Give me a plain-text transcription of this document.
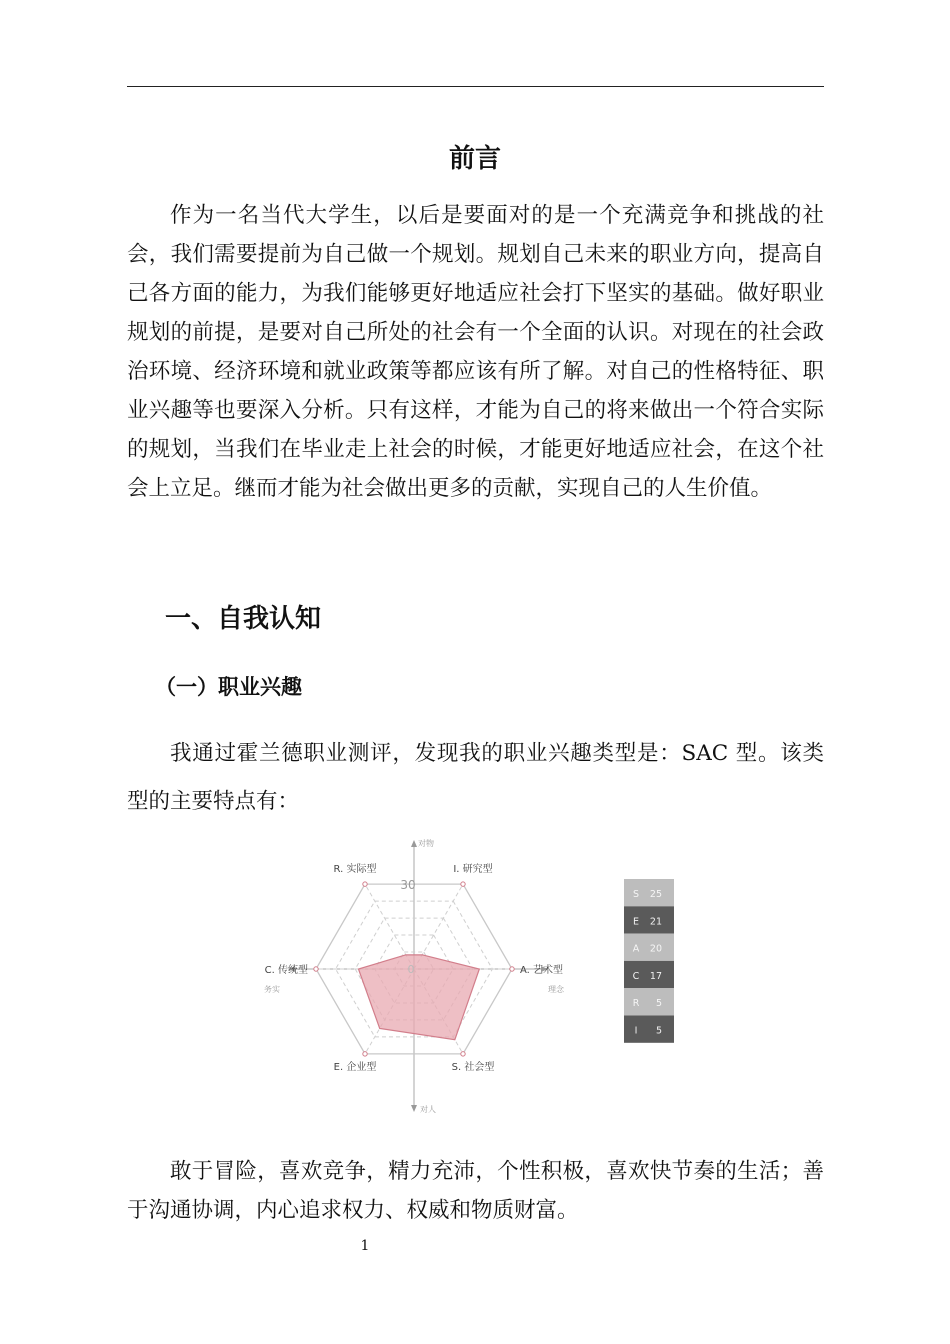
前言

作为一名当代大学生，以后是要面对的是一个充满竞争和挑战的社会，我们需要提前为自己做一个规划。规划自己未来的职业方向，提高自己各方面的能力，为我们能够更好地适应社会打下坚实的基础。做好职业规划的前提，是要对自己所处的社会有一个全面的认识。对现在的社会政治环境、经济环境和就业政策等都应该有所了解。对自己的性格特征、职业兴趣等也要深入分析。只有这样，才能为自己的将来做出一个符合实际的规划，当我们在毕业走上社会的时候，才能更好地适应社会，在这个社会上立足。继而才能为社会做出更多的贡献，实现自己的人生价值。

一、自我认知
（一）职业兴趣

我通过霍兰德职业测评，发现我的职业兴趣类型是：SAC 型。该类型的主要特点有：

I. 研究型
A. 艺术型
S. 社会型
E. 企业型
C. 传统型
R. 实际型
30
0
对物
对人
务实	理念
S 25
E 21
A 20
C 17
R 5
I 5

敢于冒险，喜欢竞争，精力充沛，个性积极，喜欢快节奏的生活；善于沟通协调，内心追求权力、权威和物质财富。

1
